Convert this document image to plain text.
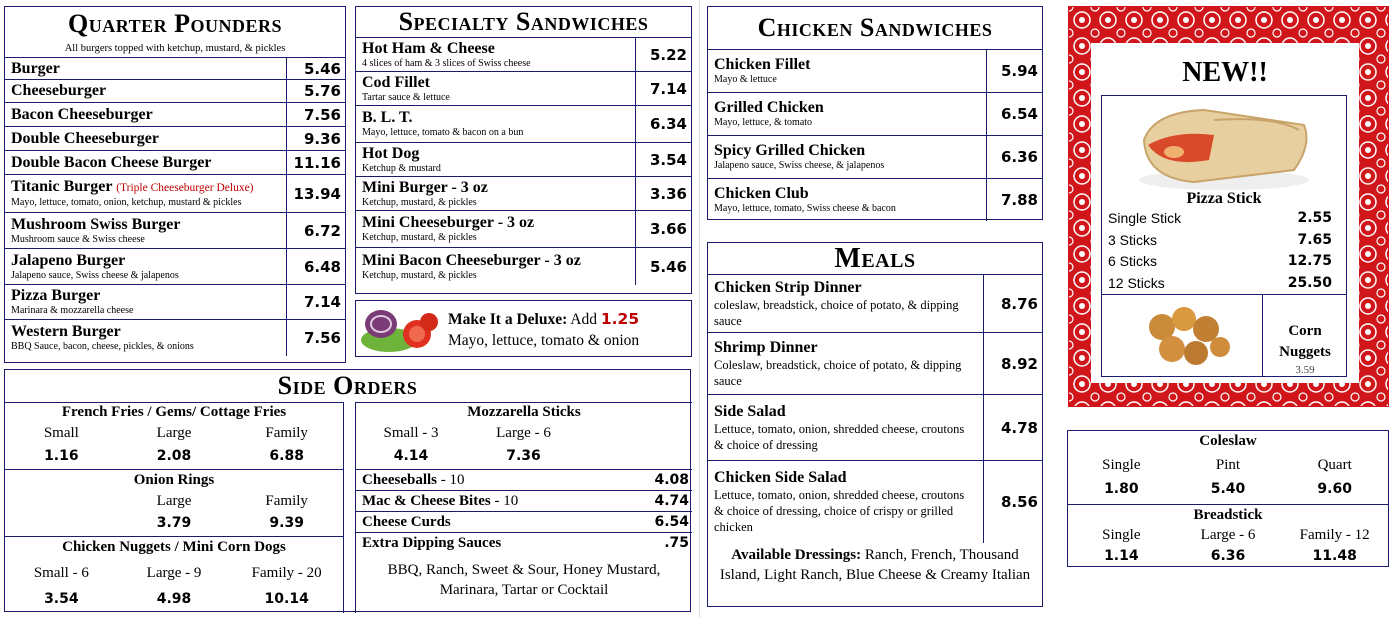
Quarter Pounders
All burgers topped with ketchup, mustard, & pickles
Burger	5.46
Cheeseburger	5.76
Bacon Cheeseburger	7.56
Double Cheeseburger	9.36
Double Bacon Cheese Burger	11.16
Titanic Burger (Triple Cheeseburger Deluxe)
Mayo, lettuce, tomato, onion, ketchup, mustard & pickles	13.94
Mushroom Swiss Burger
Mushroom sauce & Swiss cheese	6.72
Jalapeno Burger
Jalapeno sauce, Swiss cheese & jalapenos	6.48
Pizza Burger
Marinara & mozzarella cheese	7.14
Western Burger
BBQ Sauce, bacon, cheese, pickles, & onions	7.56
Specialty Sandwiches
Hot Ham & Cheese
4 slices of ham & 3 slices of Swiss cheese	5.22
Cod Fillet
Tartar sauce & lettuce	7.14
B. L. T.
Mayo, lettuce, tomato & bacon on a bun	6.34
Hot Dog
Ketchup & mustard	3.54
Mini Burger - 3 oz
Ketchup, mustard, & pickles	3.36
Mini Cheeseburger - 3 oz
Ketchup, mustard, & pickles	3.66
Mini Bacon Cheeseburger - 3 oz
Ketchup, mustard, & pickles	5.46
Make It a Deluxe: Add 1.25
Mayo, lettuce, tomato & onion
Side Orders
French Fries / Gems/ Cottage Fries
Small	Large	Family
1.16	2.08	6.88
Onion Rings
Large	Family
3.79	9.39
Chicken Nuggets / Mini Corn Dogs
Small - 6	Large - 9	Family - 20
3.54	4.98	10.14
Mozzarella Sticks
Small - 3	Large - 6
4.14	7.36
Cheeseballs - 10	4.08
Mac & Cheese Bites - 10	4.74
Cheese Curds	6.54
Extra Dipping Sauces	.75
BBQ, Ranch, Sweet & Sour, Honey Mustard, Marinara, Tartar or Cocktail
Chicken Sandwiches
Chicken Fillet
Mayo & lettuce	5.94
Grilled Chicken
Mayo, lettuce, & tomato	6.54
Spicy Grilled Chicken
Jalapeno sauce, Swiss cheese, & jalapenos	6.36
Chicken Club
Mayo, lettuce, tomato, Swiss cheese & bacon	7.88
Meals
Chicken Strip Dinner
coleslaw, breadstick, choice of potato, & dipping sauce
8.76
Shrimp Dinner
Coleslaw, breadstick, choice of potato, & dipping sauce
8.92
Side Salad
Lettuce, tomato, onion, shredded cheese, croutons & choice of dressing
4.78
Chicken Side Salad
Lettuce, tomato, onion, shredded cheese, croutons & choice of dressing, choice of crispy or grilled chicken
8.56
Available Dressings: Ranch, French, Thousand Island, Light Ranch, Blue Cheese & Creamy Italian
NEW!!
Pizza Stick
Single Stick	2.55
3 Sticks	7.65
6 Sticks	12.75
12 Sticks	25.50
Corn Nuggets
3.59
Coleslaw
Single	Pint	Quart
1.80	5.40	9.60
Breadstick
Single	Large - 6	Family - 12
1.14	6.36	11.48
